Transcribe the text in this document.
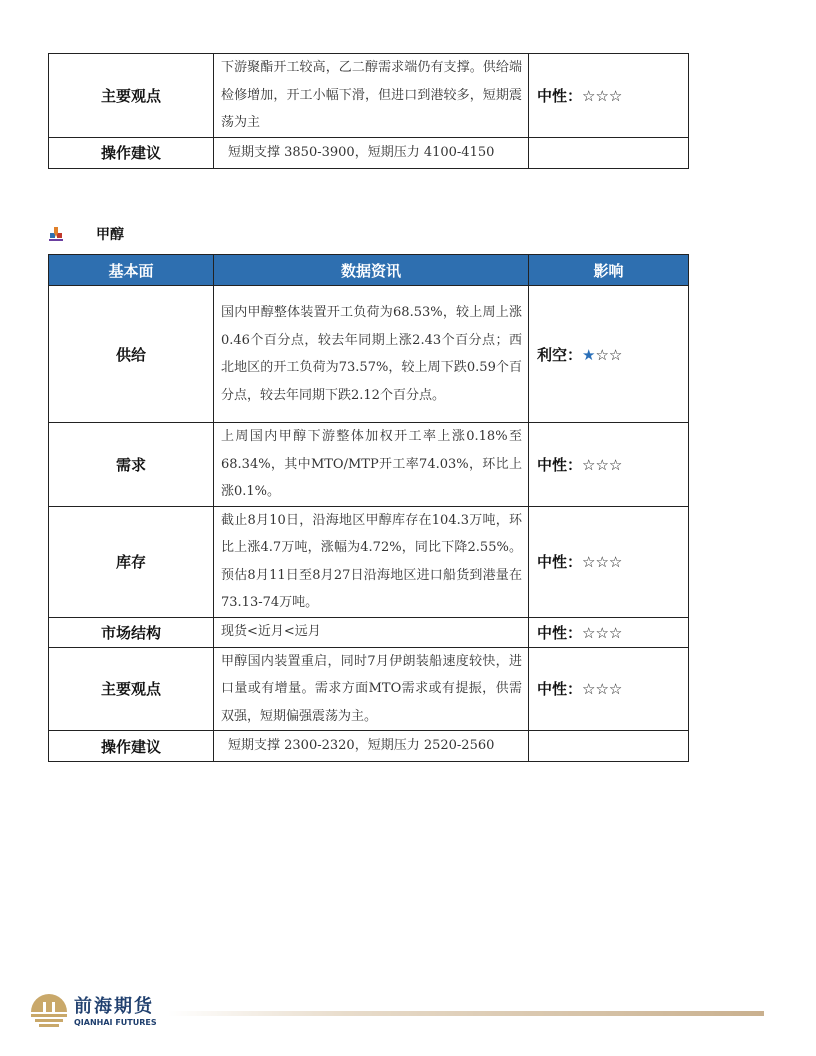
主要观点	下游聚酯开工较高，乙二醇需求端仍有支撑。供给端检修增加，开工小幅下滑，但进口到港较多，短期震荡为主	中性：☆☆☆
操作建议	短期支撑 3850-3900，短期压力 4100-4150	
甲醇
基本面	数据资讯	影响
供给	国内甲醇整体装置开工负荷为68.53%，较上周上涨0.46个百分点，较去年同期上涨2.43个百分点；西北地区的开工负荷为73.57%，较上周下跌0.59个百分点，较去年同期下跌2.12个百分点。	利空：★☆☆
需求	上周国内甲醇下游整体加权开工率上涨0.18%至68.34%，其中MTO/MTP开工率74.03%，环比上涨0.1%。	中性：☆☆☆
库存	截止8月10日，沿海地区甲醇库存在104.3万吨，环比上涨4.7万吨，涨幅为4.72%，同比下降2.55%。预估8月11日至8月27日沿海地区进口船货到港量在73.13-74万吨。	中性：☆☆☆
市场结构	现货<近月<远月	中性：☆☆☆
主要观点	甲醇国内装置重启，同时7月伊朗装船速度较快，进口量或有增量。需求方面MTO需求或有提振，供需双强，短期偏强震荡为主。	中性：☆☆☆
操作建议	短期支撑 2300-2320，短期压力 2520-2560	
前海期货
QIANHAI FUTURES
